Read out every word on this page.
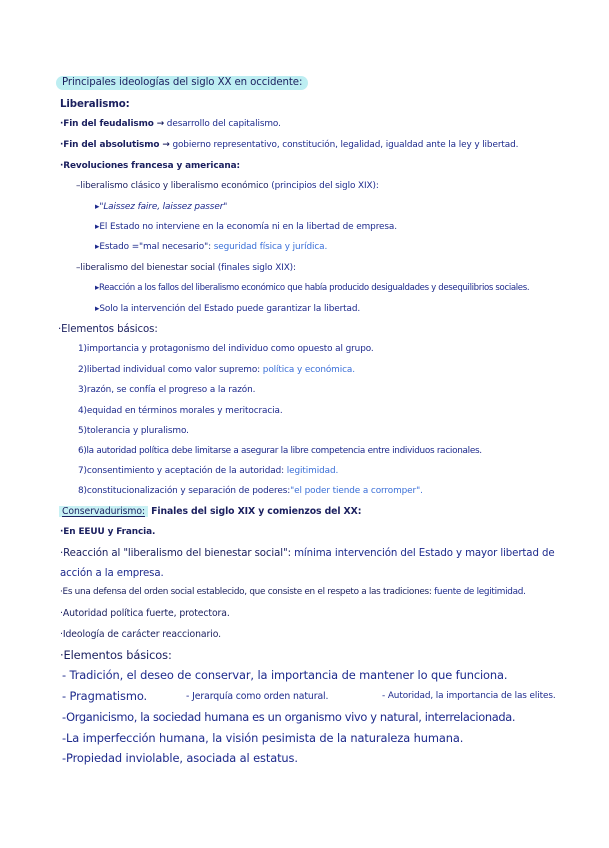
Principales ideologías del siglo XX en occidente:
Liberalismo:
·Fin del feudalismo → desarrollo del capitalismo.
·Fin del absolutismo → gobierno representativo, constitución, legalidad, igualdad ante la ley y libertad.
·Revoluciones francesa y americana:
–liberalismo clásico y liberalismo económico (principios del siglo XIX):
▸"Laissez faire, laissez passer"
▸El Estado no interviene en la economía ni en la libertad de empresa.
▸Estado ="mal necesario": seguridad física y jurídica.
–liberalismo del bienestar social (finales siglo XIX):
▸Reacción a los fallos del liberalismo económico que había producido desigualdades y desequilibrios sociales.
▸Solo la intervención del Estado puede garantizar la libertad.
·Elementos básicos:
1)importancia y protagonismo del individuo como opuesto al grupo.
2)libertad individual como valor supremo: política y económica.
3)razón, se confía el progreso a la razón.
4)equidad en términos morales y meritocracia.
5)tolerancia y pluralismo.
6)la autoridad política debe limitarse a asegurar la libre competencia entre individuos racionales.
7)consentimiento y aceptación de la autoridad: legitimidad.
8)constitucionalización y separación de poderes:"el poder tiende a corromper".
Conservadurismo: Finales del siglo XIX y comienzos del XX:
·En EEUU y Francia.
·Reacción al "liberalismo del bienestar social": mínima intervención del Estado y mayor libertad de
acción a la empresa.
·Es una defensa del orden social establecido, que consiste en el respeto a las tradiciones: fuente de legitimidad.
·Autoridad política fuerte, protectora.
·Ideología de carácter reaccionario.
·Elementos básicos:
- Tradición, el deseo de conservar, la importancia de mantener lo que funciona.
- Pragmatismo.	- Jerarquía como orden natural.	- Autoridad, la importancia de las elites.
-Organicismo, la sociedad humana es un organismo vivo y natural, interrelacionada.
-La imperfección humana, la visión pesimista de la naturaleza humana.
-Propiedad inviolable, asociada al estatus.
